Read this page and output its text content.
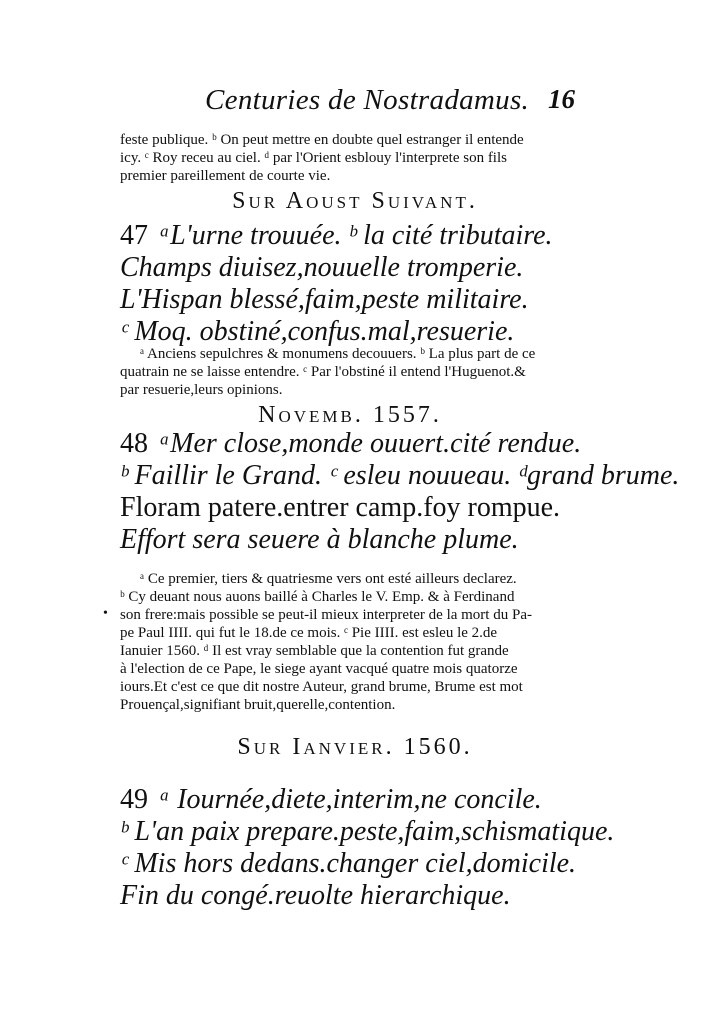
Centuries de Nostradamus. 16
feste publique. ᵇ On peut mettre en doubte quel estranger il entende
icy. ᶜ Roy receu au ciel. ᵈ par l'Orient esblouy l'interprete son fils
premier pareillement de courte vie.
Sur Aoust Suivant.
47 ᵃL'urne trouuée. ᵇ la cité tributaire.
Champs diuisez,nouuelle tromperie.
L'Hispan blessé,faim,peste militaire.
ᶜ Moq. obstiné,confus.mal,resuerie.
ᵃ Anciens sepulchres & monumens decouuers. ᵇ La plus part de ce
quatrain ne se laisse entendre. ᶜ Par l'obstiné il entend l'Huguenot.&
par resuerie,leurs opinions.
Novemb. 1557.
48 ᵃMer close,monde ouuert.cité rendue.
ᵇ Faillir le Grand. ᶜ esleu nouueau. ᵈgrand brume.
Floram patere.entrer camp.foy rompue.
Effort sera seuere à blanche plume.
ᵃ Ce premier, tiers & quatriesme vers ont esté ailleurs declarez.
ᵇ Cy deuant nous auons baillé à Charles le V. Emp. & à Ferdinand
• son frere:mais possible se peut-il mieux interpreter de la mort du Pa-
pe Paul IIII. qui fut le 18.de ce mois. ᶜ Pie IIII. est esleu le 2.de
Ianuier 1560. ᵈ Il est vray semblable que la contention fut grande
à l'election de ce Pape, le siege ayant vacqué quatre mois quatorze
iours.Et c'est ce que dit nostre Auteur, grand brume, Brume est mot
Prouençal,signifiant bruit,querelle,contention.
Sur Ianvier. 1560.
49 ᵃ Iournée,diete,interim,ne concile.
ᵇ L'an paix prepare.peste,faim,schismatique.
ᶜ Mis hors dedans.changer ciel,domicile.
Fin du congé.reuolte hierarchique.
